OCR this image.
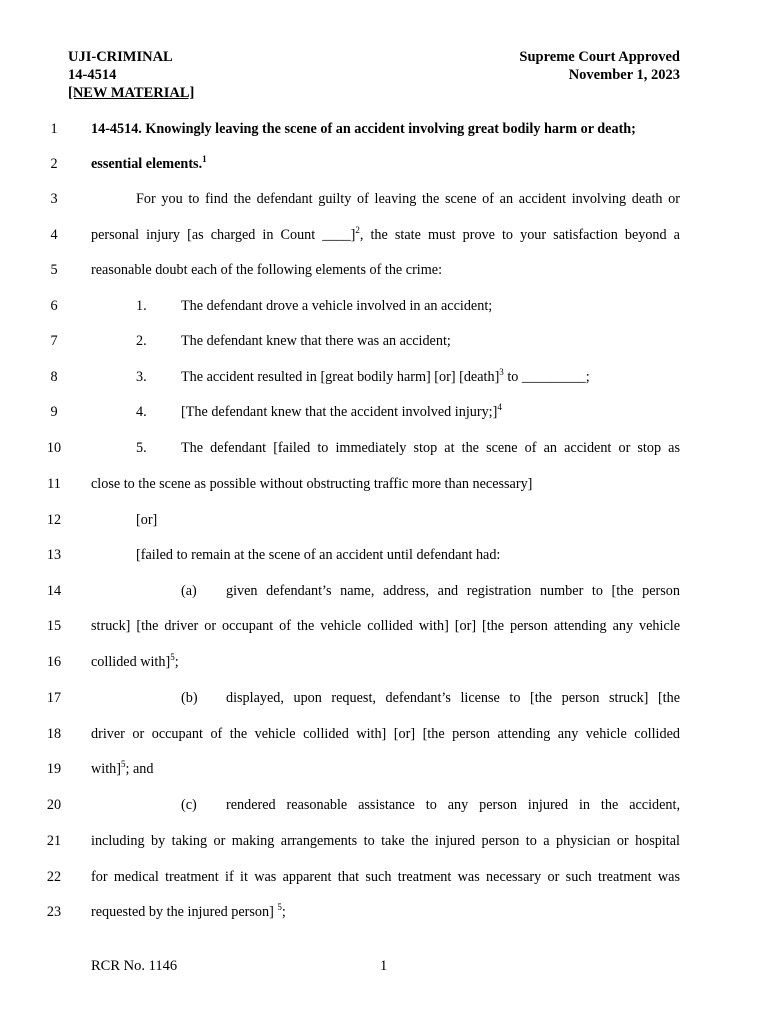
UJI-CRIMINAL
14-4514
[NEW MATERIAL]
Supreme Court Approved
November 1, 2023
1	14-4514. Knowingly leaving the scene of an accident involving great bodily harm or death;
2	essential elements.$^1$
3	For you to find the defendant guilty of leaving the scene of an accident involving death or
4	personal injury [as charged in Count ____]$^2$, the state must prove to your satisfaction beyond a
5	reasonable doubt each of the following elements of the crime:
6	1.	The defendant drove a vehicle involved in an accident;
7	2.	The defendant knew that there was an accident;
8	3.	The accident resulted in [great bodily harm] [or] [death]$^3$ to _________;
9	4.	[The defendant knew that the accident involved injury;]$^4$
10	5.	The defendant [failed to immediately stop at the scene of an accident or stop as
11	close to the scene as possible without obstructing traffic more than necessary]
12	[or]
13	[failed to remain at the scene of an accident until defendant had:
14	(a)	given defendant’s name, address, and registration number to [the person
15	struck] [the driver or occupant of the vehicle collided with] [or] [the person attending any vehicle
16	collided with]$^5$;
17	(b)	displayed, upon request, defendant’s license to [the person struck] [the
18	driver or occupant of the vehicle collided with] [or] [the person attending any vehicle collided
19	with]$^5$; and
20	(c)	rendered reasonable assistance to any person injured in the accident,
21	including by taking or making arrangements to take the injured person to a physician or hospital
22	for medical treatment if it was apparent that such treatment was necessary or such treatment was
23	requested by the injured person] $^5$;
RCR No. 1146	1
